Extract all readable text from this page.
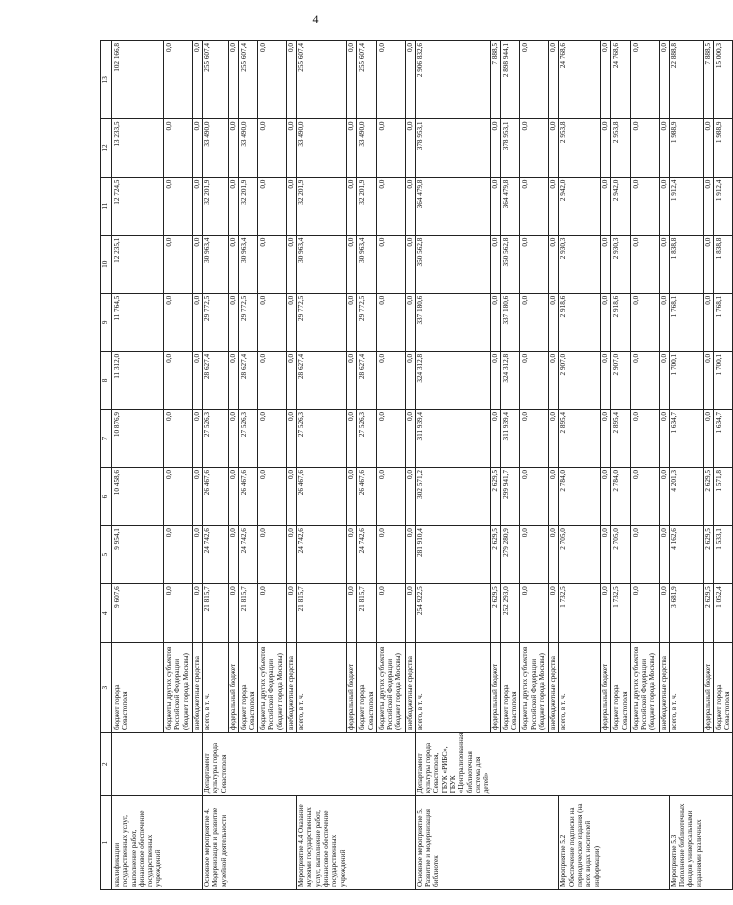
4
1	2	3	4	5	6	7	8	9	10	11	12	13
квалификации государственных услуг, выполнение работ, финансовое обеспечение государственных учреждений		бюджет города Севастополя	9 607,6	9 954,1	10 458,6	10 876,9	11 312,0	11 764,5	12 235,1	12 724,5	13 233,5	102 166,8
		бюджеты других субъектов Российской Федерации (бюджет города Москвы)	0,0	0,0	0,0	0,0	0,0	0,0	0,0	0,0	0,0	0,0
		внебюджетные средства	0,0	0,0	0,0	0,0	0,0	0,0	0,0	0,0	0,0	0,0
Основное мероприятие 4. Модернизация и развитие музейной деятельности	Департамент культуры города Севастополя	всего, в т. ч.	21 815,7	24 742,6	26 467,6	27 526,3	28 627,4	29 772,5	30 963,4	32 201,9	33 490,0	255 607,4
		федеральный бюджет	0,0	0,0	0,0	0,0	0,0	0,0	0,0	0,0	0,0	0,0
		бюджет города Севастополя	21 815,7	24 742,6	26 467,6	27 526,3	28 627,4	29 772,5	30 963,4	32 201,9	33 490,0	255 607,4
		бюджеты других субъектов Российской Федерации (бюджет города Москвы)	0,0	0,0	0,0	0,0	0,0	0,0	0,0	0,0	0,0	0,0
		внебюджетные средства	0,0	0,0	0,0	0,0	0,0	0,0	0,0	0,0	0,0	0,0
Мероприятие 4.4 Оказание музеями государственных услуг, выполнение работ, финансовое обеспечение государственных учреждений		всего, в т. ч.	21 815,7	24 742,6	26 467,6	27 526,3	28 627,4	29 772,5	30 963,4	32 201,9	33 490,0	255 607,4
		федеральный бюджет	0,0	0,0	0,0	0,0	0,0	0,0	0,0	0,0	0,0	0,0
		бюджет города Севастополя	21 815,7	24 742,6	26 467,6	27 526,3	28 627,4	29 772,5	30 963,4	32 201,9	33 490,0	255 607,4
		бюджеты других субъектов Российской Федерации (бюджет города Москвы)	0,0	0,0	0,0	0,0	0,0	0,0	0,0	0,0	0,0	0,0
		внебюджетные средства	0,0	0,0	0,0	0,0	0,0	0,0	0,0	0,0	0,0	0,0
Основное мероприятие 5. Развитие и модернизация библиотек	Департамент культуры города Севастополя, ГБУК «РИБС», ГБУК «Централизованная библиотечная система для детей»	всего, в т. ч.	254 922,5	281 910,4	302 571,2	311 939,4	324 312,8	337 180,6	350 562,8	364 479,8	378 953,1	2 906 832,6
		федеральный бюджет	2 629,5	2 629,5	2 629,5	0,0	0,0	0,0	0,0	0,0	0,0	7 888,5
		бюджет города Севастополя	252 293,0	279 280,9	299 941,7	311 939,4	324 312,8	337 180,6	350 562,8	364 479,8	378 953,1	2 898 944,1
		бюджеты других субъектов Российской Федерации (бюджет города Москвы)	0,0	0,0	0,0	0,0	0,0	0,0	0,0	0,0	0,0	0,0
		внебюджетные средства	0,0	0,0	0,0	0,0	0,0	0,0	0,0	0,0	0,0	0,0
Мероприятие 5.2 Обеспечение подписки на периодические издания (на всех видах носителей информации)		всего, в т. ч.	1 732,5	2 705,0	2 784,0	2 895,4	2 907,0	2 918,6	2 930,3	2 942,0	2 953,8	24 768,6
		федеральный бюджет	0,0	0,0	0,0	0,0	0,0	0,0	0,0	0,0	0,0	0,0
		бюджет города Севастополя	1 732,5	2 705,0	2 784,0	2 895,4	2 907,0	2 918,6	2 930,3	2 942,0	2 953,8	24 768,6
		бюджеты других субъектов Российской Федерации (бюджет города Москвы)	0,0	0,0	0,0	0,0	0,0	0,0	0,0	0,0	0,0	0,0
		внебюджетные средства	0,0	0,0	0,0	0,0	0,0	0,0	0,0	0,0	0,0	0,0
Мероприятие 5.3 Пополнение библиотечных фондов универсальными изданиями различных		всего, в т. ч.	3 681,9	4 162,6	4 201,3	1 634,7	1 700,1	1 768,1	1 838,8	1 912,4	1 988,9	22 888,8
		федеральный бюджет	2 629,5	2 629,5	2 629,5	0,0	0,0	0,0	0,0	0,0	0,0	7 888,5
		бюджет города Севастополя	1 052,4	1 533,1	1 571,8	1 634,7	1 700,1	1 768,1	1 838,8	1 912,4	1 988,9	15 000,3
